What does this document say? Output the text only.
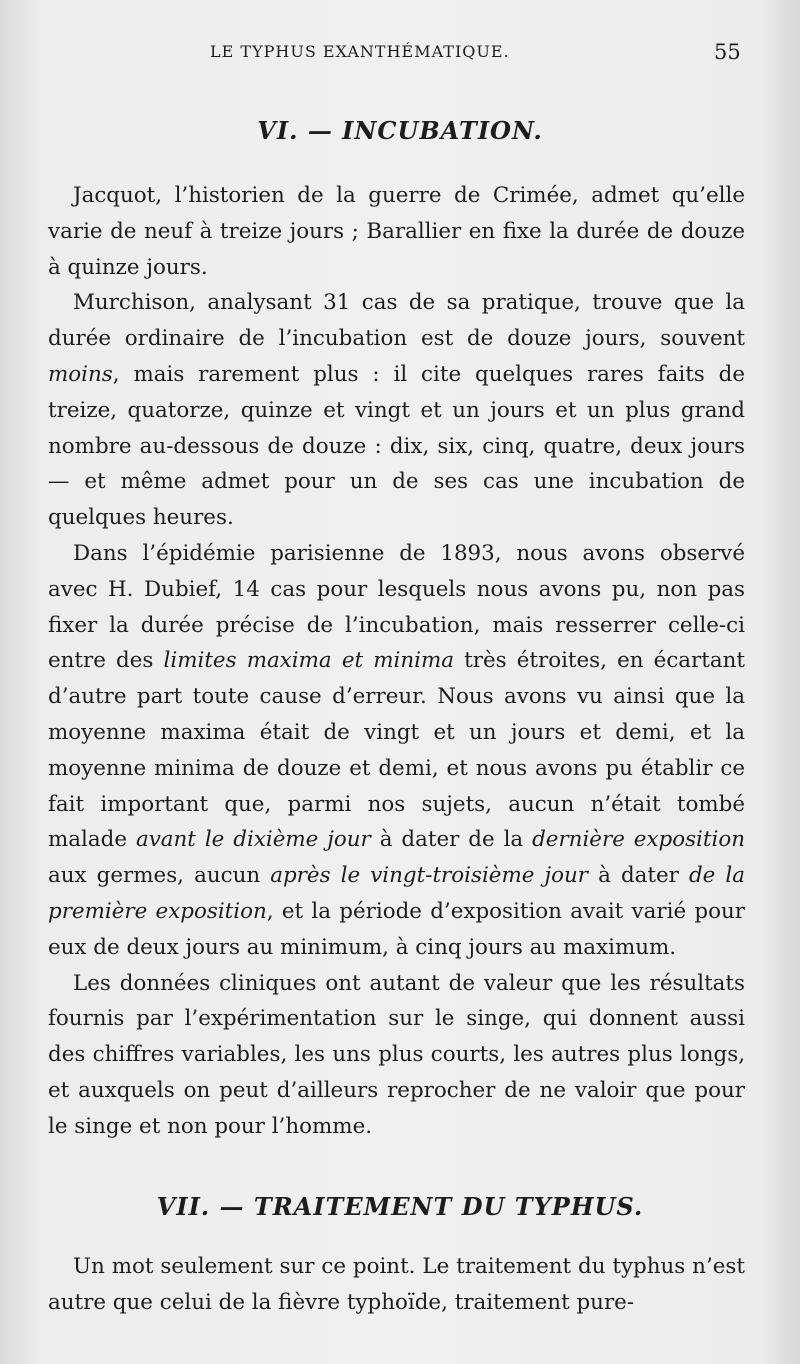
LE TYPHUS EXANTHÉMATIQUE.	55
VI. — INCUBATION.

Jacquot, l’historien de la guerre de Crimée, admet qu’elle varie de neuf à treize jours ; Barallier en fixe la durée de douze à quinze jours.

Murchison, analysant 31 cas de sa pratique, trouve que la durée ordinaire de l’incubation est de douze jours, souvent moins, mais rarement plus : il cite quelques rares faits de treize, quatorze, quinze et vingt et un jours et un plus grand nombre au-dessous de douze : dix, six, cinq, quatre, deux jours — et même admet pour un de ses cas une incubation de quelques heures.

Dans l’épidémie parisienne de 1893, nous avons observé avec H. Dubief, 14 cas pour lesquels nous avons pu, non pas fixer la durée précise de l’incubation, mais resserrer celle-ci entre des limites maxima et minima très étroites, en écartant d’autre part toute cause d’erreur. Nous avons vu ainsi que la moyenne maxima était de vingt et un jours et demi, et la moyenne minima de douze et demi, et nous avons pu établir ce fait important que, parmi nos sujets, aucun n’était tombé malade avant le dixième jour à dater de la dernière exposition aux germes, aucun après le vingt-troisième jour à dater de la première exposition, et la période d’exposition avait varié pour eux de deux jours au minimum, à cinq jours au maximum.

Les données cliniques ont autant de valeur que les résultats fournis par l’expérimentation sur le singe, qui donnent aussi des chiffres variables, les uns plus courts, les autres plus longs, et auxquels on peut d’ailleurs reprocher de ne valoir que pour le singe et non pour l’homme.

VII. — TRAITEMENT DU TYPHUS.

Un mot seulement sur ce point. Le traitement du typhus n’est autre que celui de la fièvre typhoïde, traitement pure-
